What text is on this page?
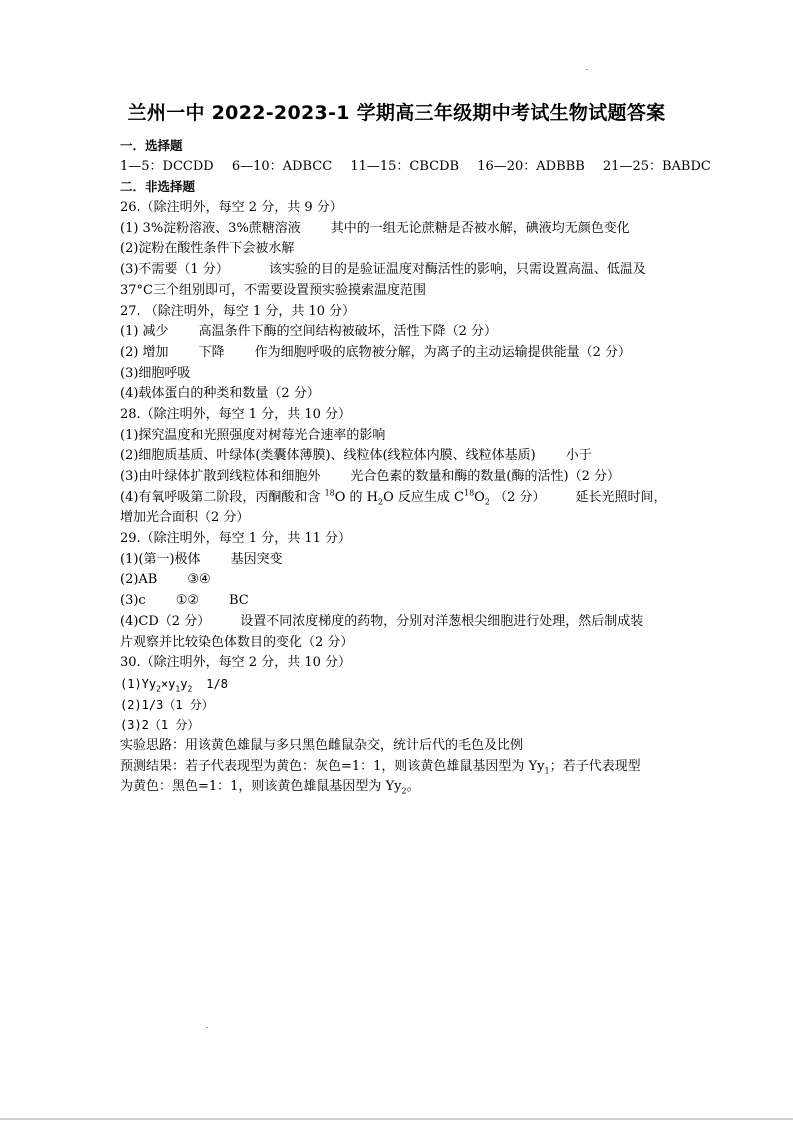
兰州一中 2022-2023-1 学期高三年级期中考试生物试题答案
一．选择题
1—5：DCCDD 6—10：ADBCC 11—15：CBCDB 16—20：ADBBB 21—25：BABDC
二．非选择题
26.（除注明外，每空 2 分，共 9 分）
(1) 3%淀粉溶液、3%蔗糖溶液 其中的一组无论蔗糖是否被水解，碘液均无颜色变化
(2)淀粉在酸性条件下会被水解
(3)不需要（1 分）	该实验的目的是验证温度对酶活性的影响，只需设置高温、低温及
37°C三个组别即可，不需要设置预实验摸索温度范围
27. （除注明外，每空 1 分，共 10 分）
(1) 减少 高温条件下酶的空间结构被破坏，活性下降（2 分）
(2) 增加 下降 作为细胞呼吸的底物被分解，为离子的主动运输提供能量（2 分）
(3)细胞呼吸
(4)载体蛋白的种类和数量（2 分）
28.（除注明外，每空 1 分，共 10 分）
(1)探究温度和光照强度对树莓光合速率的影响
(2)细胞质基质、叶绿体(类囊体薄膜)、线粒体(线粒体内膜、线粒体基质) 小于
(3)由叶绿体扩散到线粒体和细胞外 光合色素的数量和酶的数量(酶的活性)（2 分）
(4)有氧呼吸第二阶段，丙酮酸和含 $^{18}$O 的 $H_2O$ 反应生成 $C^{18}O_2$ （2 分） 延长光照时间，
增加光合面积（2 分）
29.（除注明外，每空 1 分，共 11 分）
(1)(第一)极体 基因突变
(2)AB ③④
(3)c ①② BC
(4)CD（2 分） 设置不同浓度梯度的药物，分别对洋葱根尖细胞进行处理，然后制成装
片观察并比较染色体数目的变化（2 分）
30.（除注明外，每空 2 分，共 10 分）
$(1)Yy_2\times y_1y_2$ 1/8
(2)1/3（1 分）
(3)2（1 分）
实验思路：用该黄色雄鼠与多只黑色雌鼠杂交，统计后代的毛色及比例
预测结果：若子代表现型为黄色：灰色=1：1，则该黄色雄鼠基因型为 $Yy_1$；若子代表现型
为黄色：黑色=1：1，则该黄色雄鼠基因型为 $Yy_2$。
